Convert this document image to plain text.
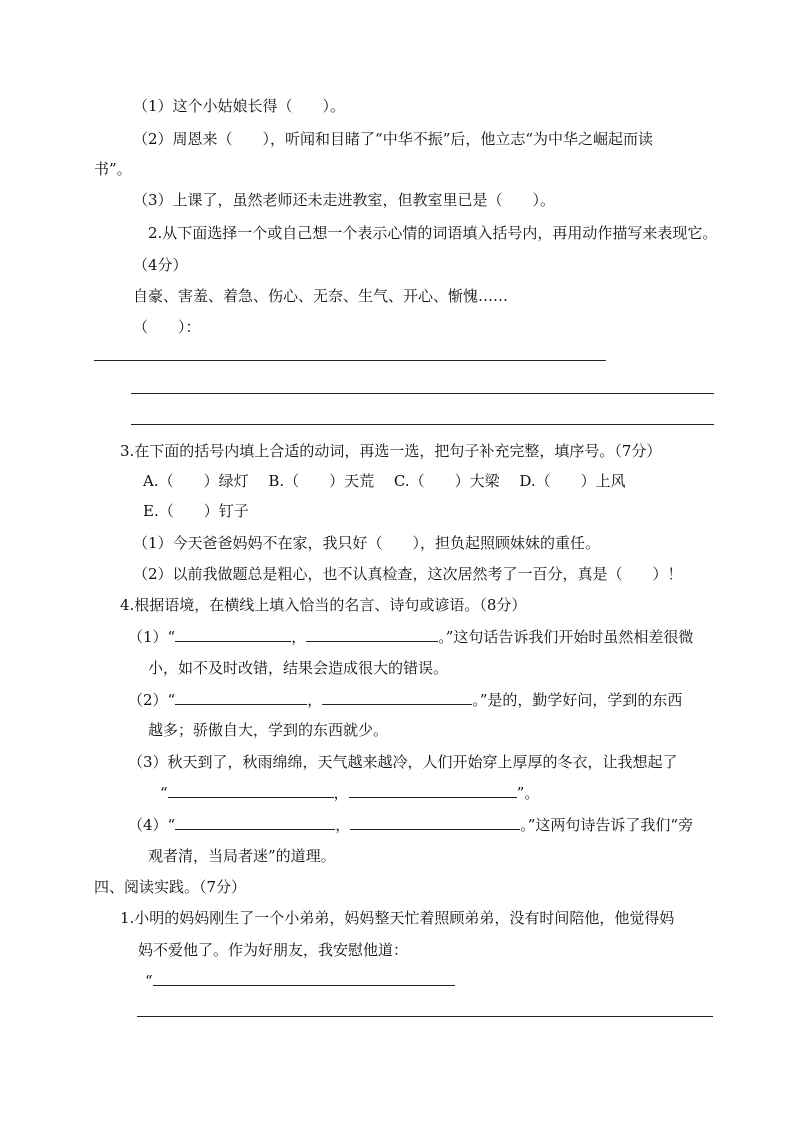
（1）这个小姑娘长得（　　）。
（2）周恩来（　　），听闻和目睹了“中华不振”后，他立志“为中华之崛起而读
书”。
（3）上课了，虽然老师还未走进教室，但教室里已是（　　）。
2.从下面选择一个或自己想一个表示心情的词语填入括号内，再用动作描写来表现它。
（4分）
自豪、害羞、着急、伤心、无奈、生气、开心、惭愧……
（　　）：
3.在下面的括号内填上合适的动词，再选一选，把句子补充完整，填序号。（7分）
A.（　　）绿灯　 B.（　　）天荒　 C.（　　）大梁　 D.（　　）上风
E.（　　）钉子
（1）今天爸爸妈妈不在家，我只好（　　），担负起照顾妹妹的重任。
（2）以前我做题总是粗心，也不认真检查，这次居然考了一百分，真是（　　）！
4.根据语境，在横线上填入恰当的名言、诗句或谚语。（8分）
（1）“	，	。”这句话告诉我们开始时虽然相差很微
小，如不及时改错，结果会造成很大的错误。
（2）“	，	。”是的，勤学好问，学到的东西
越多；骄傲自大，学到的东西就少。
（3）秋天到了，秋雨绵绵，天气越来越冷，人们开始穿上厚厚的冬衣，让我想起了
“	，	”。
（4）“	，	。”这两句诗告诉了我们“旁
观者清，当局者迷”的道理。
四、阅读实践。（7分）
1.小明的妈妈刚生了一个小弟弟，妈妈整天忙着照顾弟弟，没有时间陪他，他觉得妈
妈不爱他了。作为好朋友，我安慰他道：
“
